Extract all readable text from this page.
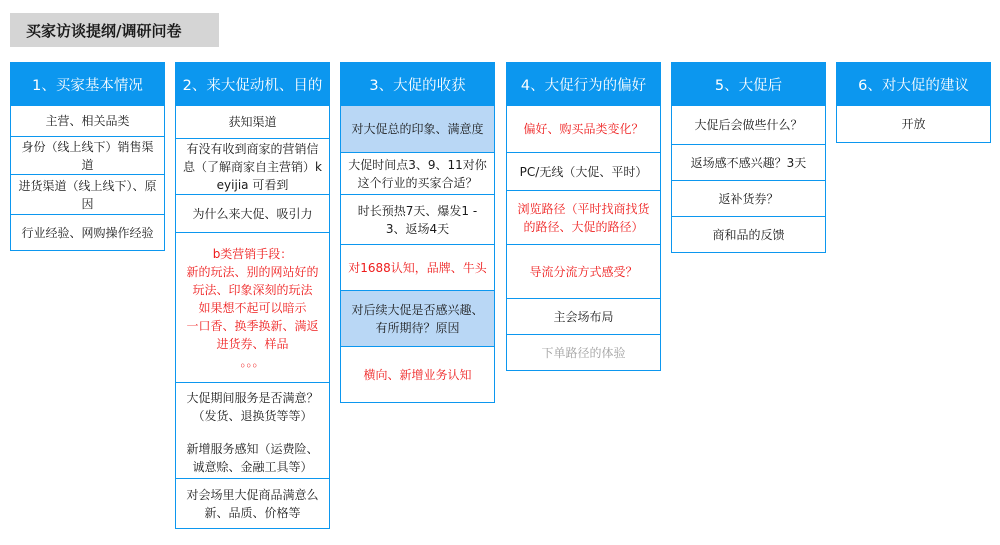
买家访谈提纲/调研问卷
1、买家基本情况
主营、相关品类
身份（线上线下）销售渠道
进货渠道（线上线下）、原因
行业经验、网购操作经验
2、来大促动机、目的
获知渠道
有没有收到商家的营销信息（了解商家自主营销）keyijia 可看到
为什么来大促、吸引力
b类营销手段：
新的玩法、别的网站好的
玩法、印象深刻的玩法
如果想不起可以暗示
一口香、换季换新、满返
进货券、样品
。。。
大促期间服务是否满意？
（发货、退换货等等）
新增服务感知（运费险、
诚意赊、金融工具等）
对会场里大促商品满意么新、品质、价格等
3、大促的收获
对大促总的印象、满意度
大促时间点3、9、11对你这个行业的买家合适？
时长预热7天、爆发1 - 3、返场4天
对1688认知，品牌、牛头
对后续大促是否感兴趣、有所期待？原因
横向、新增业务认知
4、大促行为的偏好
偏好、购买品类变化？
PC/无线（大促、平时）
浏览路径（平时找商找货的路径、大促的路径）
导流分流方式感受？
主会场布局
下单路径的体验
5、大促后
大促后会做些什么？
返场感不感兴趣？3天
返补货券？
商和品的反馈
6、对大促的建议
开放
